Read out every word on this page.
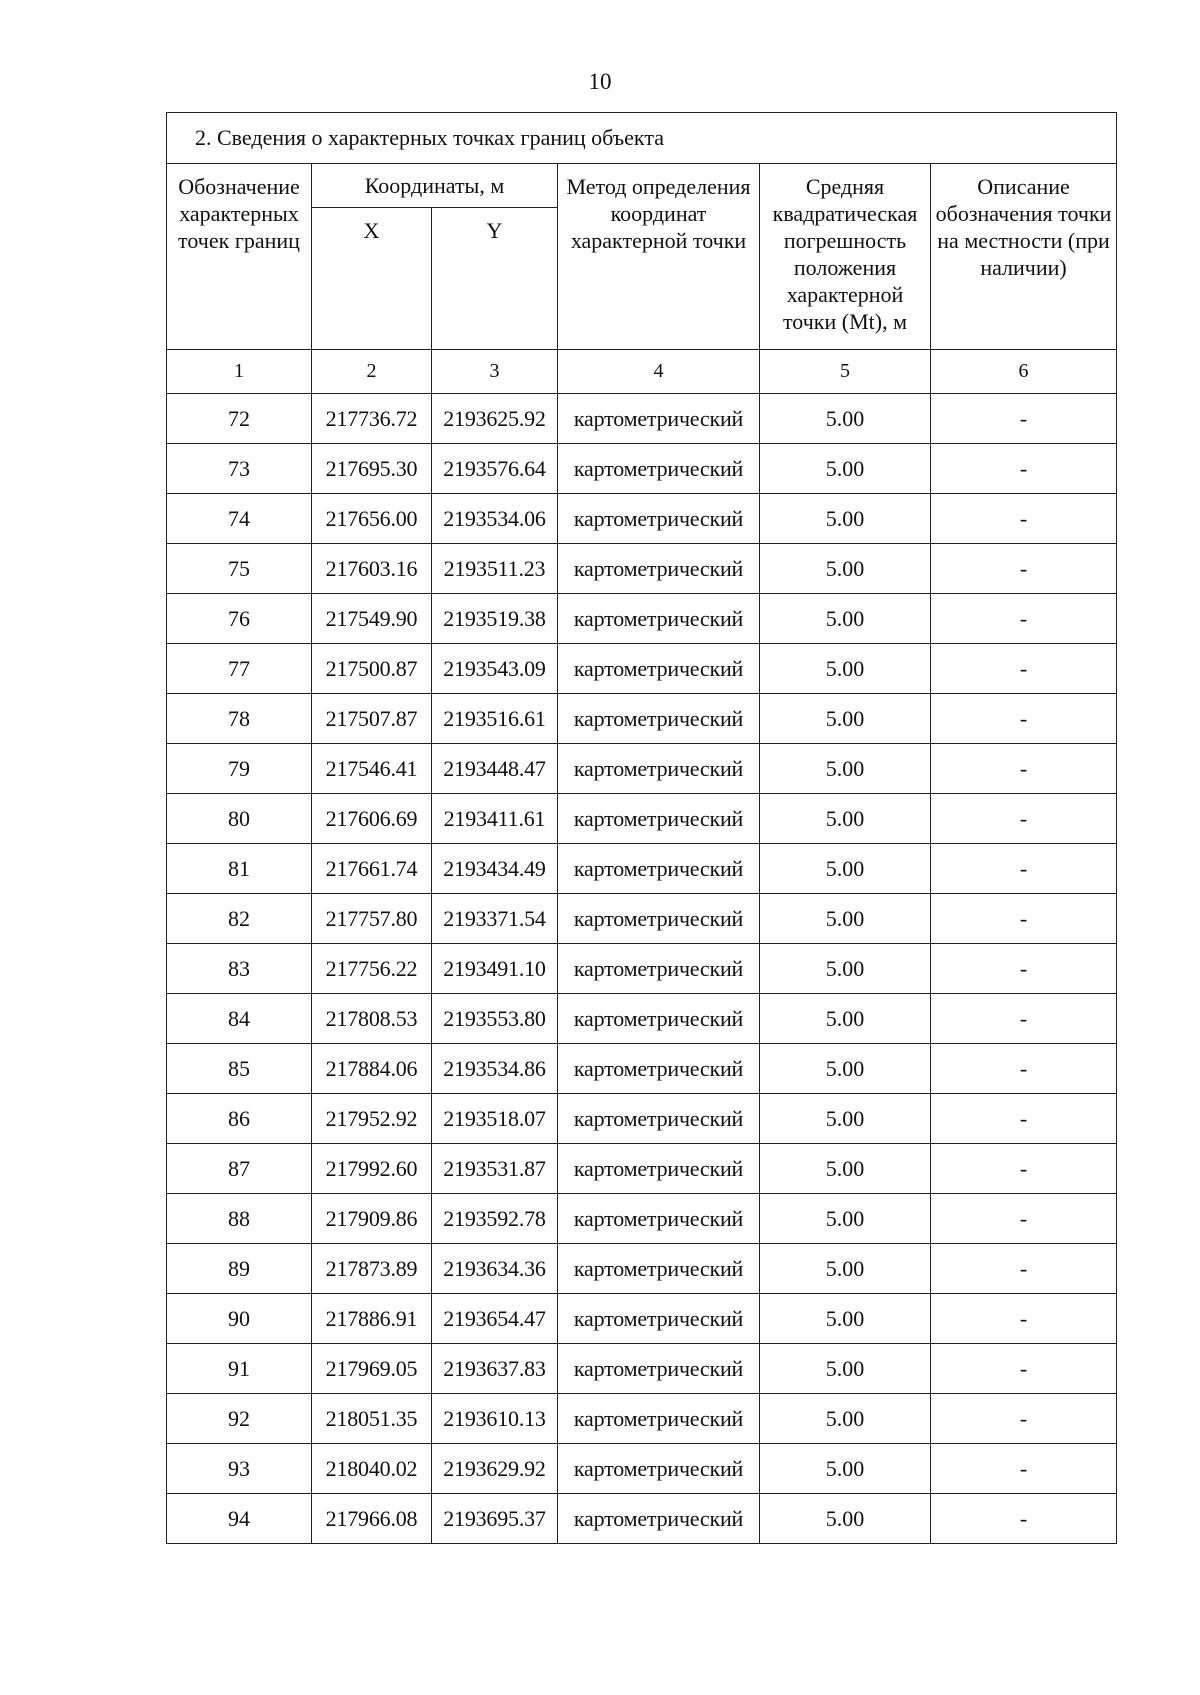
10
2. Сведения о характерных точках границ объекта					
Обозначение характерных точек границ	Координаты, м		Метод определения координат характерной точки	Средняя квадратическая погрешность положения характерной точки (Mt), м	Описание обозначения точки на местности (при наличии)
	X	Y			
1	2	3	4	5	6
72	217736.72	2193625.92	картометрический	5.00	-
73	217695.30	2193576.64	картометрический	5.00	-
74	217656.00	2193534.06	картометрический	5.00	-
75	217603.16	2193511.23	картометрический	5.00	-
76	217549.90	2193519.38	картометрический	5.00	-
77	217500.87	2193543.09	картометрический	5.00	-
78	217507.87	2193516.61	картометрический	5.00	-
79	217546.41	2193448.47	картометрический	5.00	-
80	217606.69	2193411.61	картометрический	5.00	-
81	217661.74	2193434.49	картометрический	5.00	-
82	217757.80	2193371.54	картометрический	5.00	-
83	217756.22	2193491.10	картометрический	5.00	-
84	217808.53	2193553.80	картометрический	5.00	-
85	217884.06	2193534.86	картометрический	5.00	-
86	217952.92	2193518.07	картометрический	5.00	-
87	217992.60	2193531.87	картометрический	5.00	-
88	217909.86	2193592.78	картометрический	5.00	-
89	217873.89	2193634.36	картометрический	5.00	-
90	217886.91	2193654.47	картометрический	5.00	-
91	217969.05	2193637.83	картометрический	5.00	-
92	218051.35	2193610.13	картометрический	5.00	-
93	218040.02	2193629.92	картометрический	5.00	-
94	217966.08	2193695.37	картометрический	5.00	-
